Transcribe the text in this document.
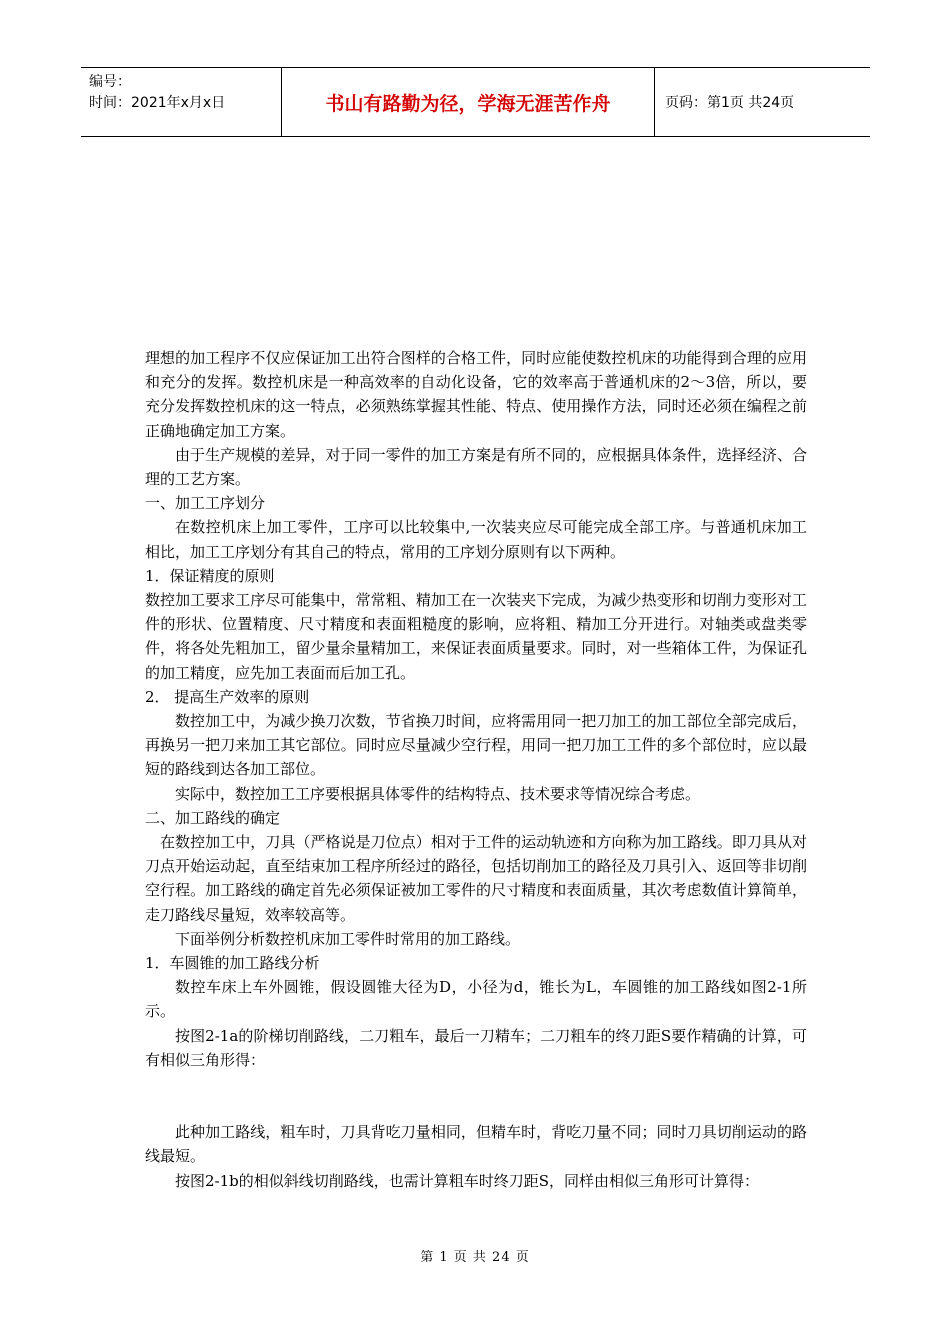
编号：
时间：2021年x月x日	书山有路勤为径，学海无涯苦作舟	页码：第1页 共24页

理想的加工程序不仅应保证加工出符合图样的合格工件，同时应能使数控机床的功能得到合理的应用和充分的发挥。数控机床是一种高效率的自动化设备，它的效率高于普通机床的2～3倍，所以，要充分发挥数控机床的这一特点，必须熟练掌握其性能、特点、使用操作方法，同时还必须在编程之前正确地确定加工方案。

由于生产规模的差异，对于同一零件的加工方案是有所不同的，应根据具体条件，选择经济、合理的工艺方案。

一、加工工序划分

在数控机床上加工零件，工序可以比较集中,一次装夹应尽可能完成全部工序。与普通机床加工相比，加工工序划分有其自己的特点，常用的工序划分原则有以下两种。

1．保证精度的原则

数控加工要求工序尽可能集中，常常粗、精加工在一次装夹下完成，为减少热变形和切削力变形对工件的形状、位置精度、尺寸精度和表面粗糙度的影响，应将粗、精加工分开进行。对轴类或盘类零件，将各处先粗加工，留少量余量精加工，来保证表面质量要求。同时，对一些箱体工件，为保证孔的加工精度，应先加工表面而后加工孔。

2． 提高生产效率的原则

数控加工中，为减少换刀次数，节省换刀时间，应将需用同一把刀加工的加工部位全部完成后，再换另一把刀来加工其它部位。同时应尽量减少空行程，用同一把刀加工工件的多个部位时，应以最短的路线到达各加工部位。

实际中，数控加工工序要根据具体零件的结构特点、技术要求等情况综合考虑。

二、加工路线的确定

在数控加工中，刀具（严格说是刀位点）相对于工件的运动轨迹和方向称为加工路线。即刀具从对刀点开始运动起，直至结束加工程序所经过的路径，包括切削加工的路径及刀具引入、返回等非切削空行程。加工路线的确定首先必须保证被加工零件的尺寸精度和表面质量，其次考虑数值计算简单，走刀路线尽量短，效率较高等。

下面举例分析数控机床加工零件时常用的加工路线。

1．车圆锥的加工路线分析

数控车床上车外圆锥，假设圆锥大径为D，小径为d，锥长为L，车圆锥的加工路线如图2-1所示。

按图2-1a的阶梯切削路线，二刀粗车，最后一刀精车；二刀粗车的终刀距S要作精确的计算，可有相似三角形得：

此种加工路线，粗车时，刀具背吃刀量相同，但精车时，背吃刀量不同；同时刀具切削运动的路线最短。

按图2-1b的相似斜线切削路线，也需计算粗车时终刀距S，同样由相似三角形可计算得：

第 1 页 共 24 页
